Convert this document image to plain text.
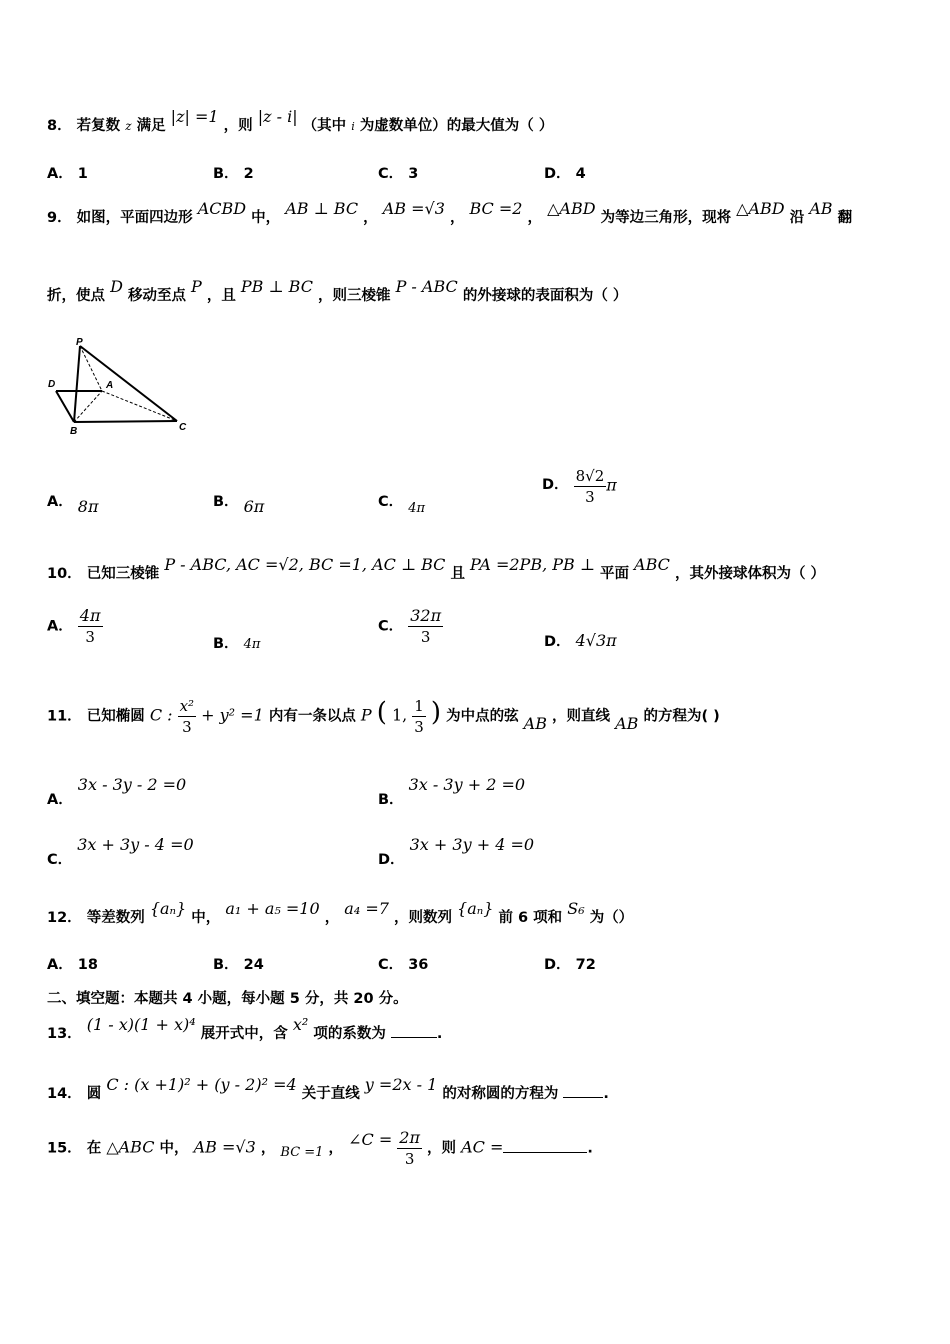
8． 若复数 z 满足 |z| =1 ，则 |z - i| （其中 i 为虚数单位）的最大值为（ ）
A． 1	B． 2	C． 3	D． 4
9． 如图，平面四边形 ACBD 中， AB ⊥ BC ， AB =√3 ， BC =2 ， △ABD 为等边三角形，现将 △ABD 沿 AB 翻
折，使点 D 移动至点 P ，且 PB ⊥ BC ，则三棱锥 P - ABC 的外接球的表面积为（ ）
P
D	A
B	C
A． 8π	B． 6π	C． 4π
D． $\frac{8√2}{3}$ π
10． 已知三棱锥 P - ABC, AC =√2, BC =1, AC ⊥ BC 且 PA =2PB, PB ⊥ 平面 ABC ，其外接球体积为（ ）
A． $\frac{4\pi}{3}$	B． 4π
C． $\frac{32\pi}{3}$	D． 4√3π
11． 已知椭圆 C : $\frac{\text{x²}}{3} + y^2 =1$ 内有一条以点 P ( 1, $\frac{1}{3}$ ) 为中点的弦 AB ，则直线 AB 的方程为( )
A． 3x - 3y - 2 =0
B． 3x - 3y + 2 =0
C． 3x + 3y - 4 =0
D． 3x + 3y + 4 =0
12． 等差数列 {aₙ} 中， a₁ + a₅ =10 ， a₄ =7 ，则数列 {aₙ} 前 6 项和 S₆ 为（）
A． 18	B． 24	C． 36	D． 72
二、填空题：本题共 4 小题，每小题 5 分，共 20 分。
13． (1 - x)(1 + x)⁴ 展开式中，含 x² 项的系数为	.
14． 圆 C : (x +1)² + (y - 2)² =4 关于直线 y =2x - 1 的对称圆的方程为	.
15． 在 △ABC 中， AB =√3 ， BC =1 ， ∠C = $\frac{2\pi}{3}$ ，则 AC =	.
